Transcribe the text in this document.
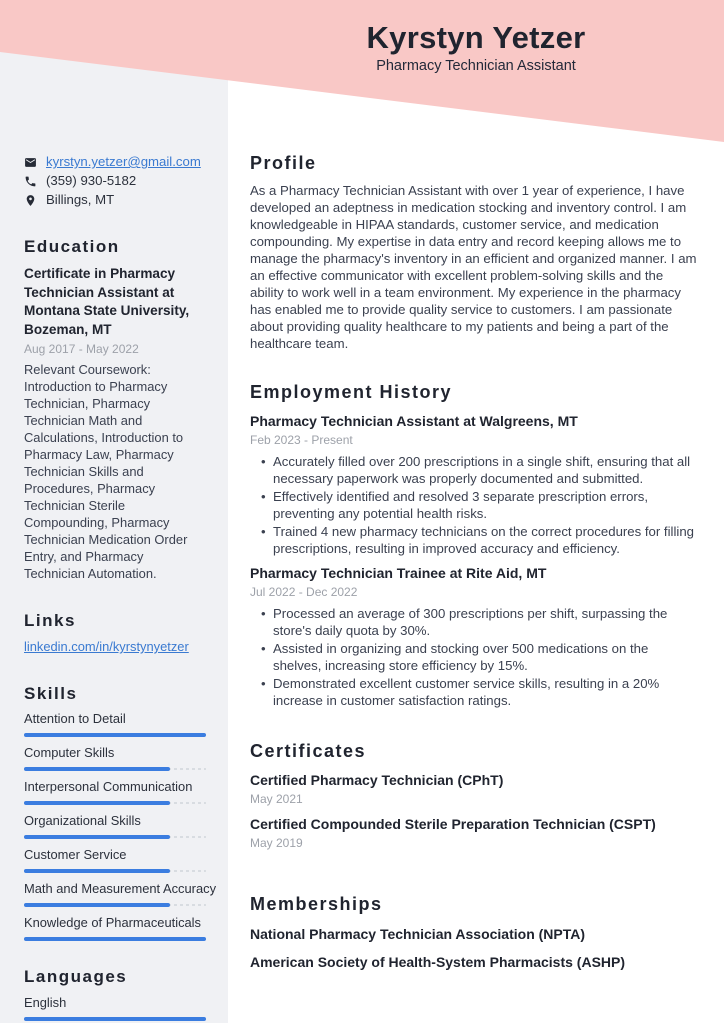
kyrstyn.yetzer@gmail.com
(359) 930-5182
Billings, MT
Education
Certificate in Pharmacy Technician Assistant at Montana State University, Bozeman, MT
Aug 2017 - May 2022
Relevant Coursework: Introduction to Pharmacy Technician, Pharmacy Technician Math and Calculations, Introduction to Pharmacy Law, Pharmacy Technician Skills and Procedures, Pharmacy Technician Sterile Compounding, Pharmacy Technician Medication Order Entry, and Pharmacy Technician Automation.
Links
linkedin.com/in/kyrstynyetzer
Skills
Attention to Detail
Computer Skills
Interpersonal Communication
Organizational Skills
Customer Service
Math and Measurement Accuracy
Knowledge of Pharmaceuticals
Languages
English
Kyrstyn Yetzer
Pharmacy Technician Assistant
Profile

As a Pharmacy Technician Assistant with over 1 year of experience, I have developed an adeptness in medication stocking and inventory control. I am knowledgeable in HIPAA standards, customer service, and medication compounding. My expertise in data entry and record keeping allows me to manage the pharmacy's inventory in an efficient and organized manner. I am an effective communicator with excellent problem-solving skills and the ability to work well in a team environment. My experience in the pharmacy has enabled me to provide quality service to customers. I am passionate about providing quality healthcare to my patients and being a part of the healthcare team.

Employment History
Pharmacy Technician Assistant at Walgreens, MT
Feb 2023 - Present
• Accurately filled over 200 prescriptions in a single shift, ensuring that all necessary paperwork was properly documented and submitted.
• Effectively identified and resolved 3 separate prescription errors, preventing any potential health risks.
• Trained 4 new pharmacy technicians on the correct procedures for filling prescriptions, resulting in improved accuracy and efficiency.
Pharmacy Technician Trainee at Rite Aid, MT
Jul 2022 - Dec 2022
• Processed an average of 300 prescriptions per shift, surpassing the store's daily quota by 30%.
• Assisted in organizing and stocking over 500 medications on the shelves, increasing store efficiency by 15%.
• Demonstrated excellent customer service skills, resulting in a 20% increase in customer satisfaction ratings.
Certificates
Certified Pharmacy Technician (CPhT)
May 2021
Certified Compounded Sterile Preparation Technician (CSPT)
May 2019
Memberships
National Pharmacy Technician Association (NPTA)
American Society of Health-System Pharmacists (ASHP)
